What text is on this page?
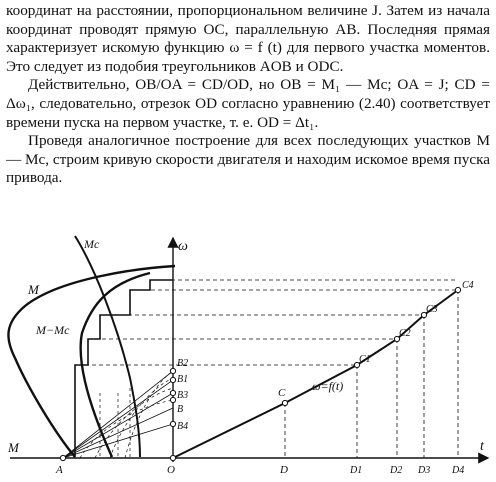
координат на расстоянии, пропорциональном величине J. Затем из начала координат проводят прямую OC, параллельную AB. Последняя прямая характеризует искомую функцию ω = f (t) для первого участка моментов. Это следует из подобия треугольников AOB и ODC.

Действительно, OB/OA = CD/OD, но OB = M₁ — Mc; OA = J; CD = Δω₁, следовательно, отрезок OD согласно уравнению (2.40) соответствует времени пуска на первом участке, т. е. OD = Δt₁.

Проведя аналогичное построение для всех последующих участков M — Mc, строим кривую скорости двигателя и находим искомое время пуска привода.

ω
t
M
M
Mc
M−Mc
ω=f(t)
A	O
B2
B1
B3
B
B4
C
C1
C2
C3
C4
D	D1	D2 D3 D4
